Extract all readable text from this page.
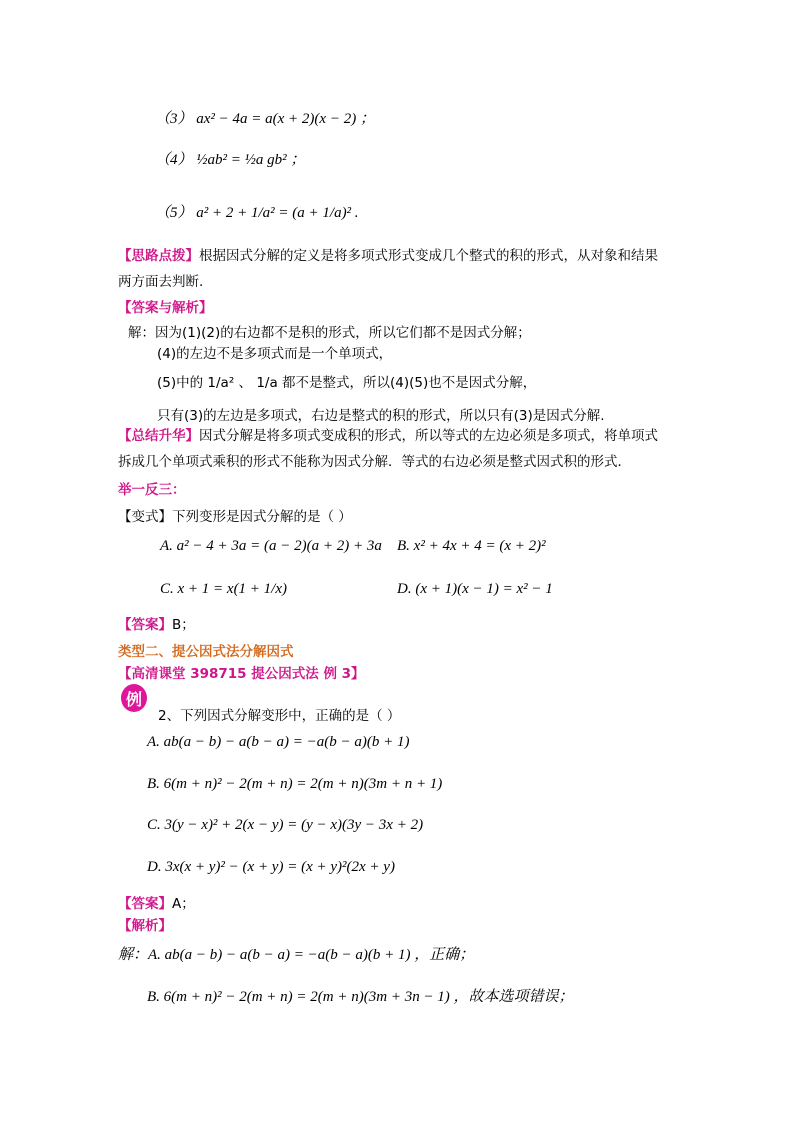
（3） ax² − 4a = a(x + 2)(x − 2) ；
（4） ½ab² = ½a gb² ；
（5） a² + 2 + 1/a² = (a + 1/a)² .
【思路点拨】根据因式分解的定义是将多项式形式变成几个整式的积的形式，从对象和结果
两方面去判断.
【答案与解析】
解：因为(1)(2)的右边都不是积的形式，所以它们都不是因式分解；
(4)的左边不是多项式而是一个单项式，
(5)中的 1/a² 、 1/a 都不是整式，所以(4)(5)也不是因式分解，
只有(3)的左边是多项式，右边是整式的积的形式，所以只有(3)是因式分解.
【总结升华】因式分解是将多项式变成积的形式，所以等式的左边必须是多项式，将单项式
拆成几个单项式乘积的形式不能称为因式分解．等式的右边必须是整式因式积的形式．
举一反三：
【变式】下列变形是因式分解的是（ ）
A. a² − 4 + 3a = (a − 2)(a + 2) + 3a B. x² + 4x + 4 = (x + 2)²
C. x + 1 = x(1 + 1/x)	D. (x + 1)(x − 1) = x² − 1
【答案】B；
类型二、提公因式法分解因式
【高清课堂 398715 提公因式法 例 3】
例
2、下列因式分解变形中，正确的是（ ）
A. ab(a − b) − a(b − a) = −a(b − a)(b + 1)
B. 6(m + n)² − 2(m + n) = 2(m + n)(3m + n + 1)
C. 3(y − x)² + 2(x − y) = (y − x)(3y − 3x + 2)
D. 3x(x + y)² − (x + y) = (x + y)²(2x + y)
【答案】A；
【解析】
解：A. ab(a − b) − a(b − a) = −a(b − a)(b + 1) ，正确；
B. 6(m + n)² − 2(m + n) = 2(m + n)(3m + 3n − 1) ，故本选项错误；
